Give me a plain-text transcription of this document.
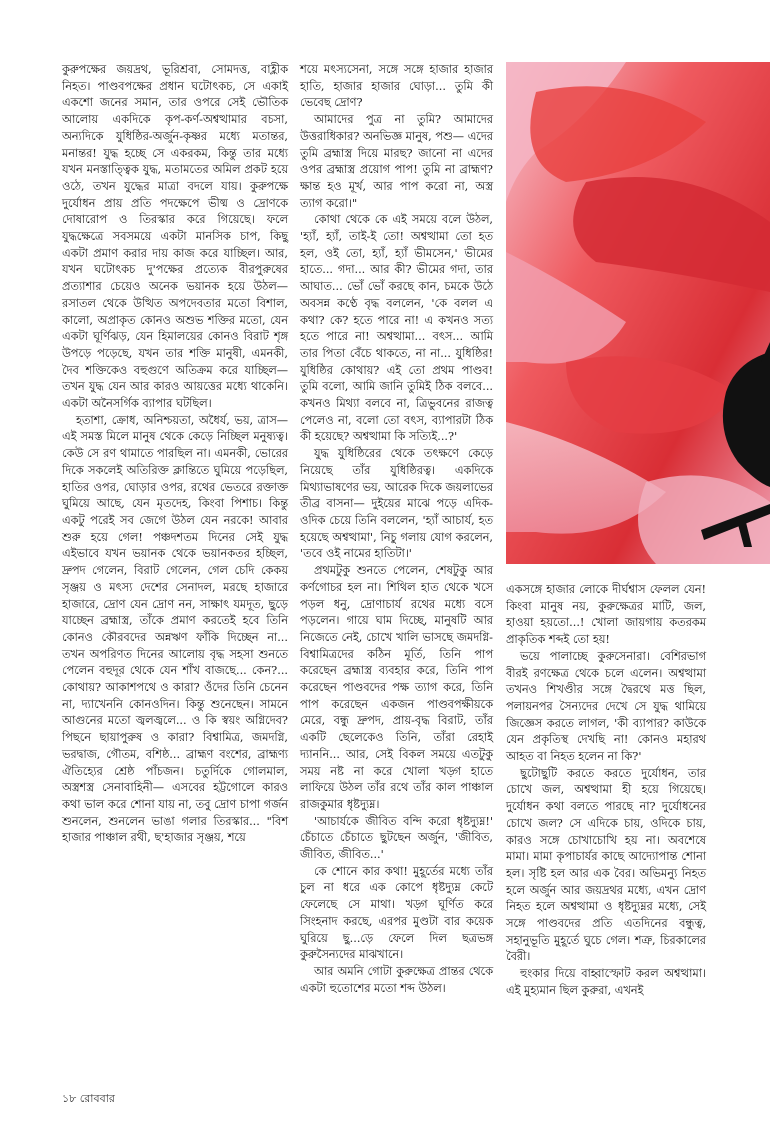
কুরুপক্ষের জয়দ্রথ, ভূরিশ্রবা, সোমদত্ত, বাহ্লীক নিহত। পাণ্ডবপক্ষের প্রধান ঘটোৎকচ, সে একাই একশো জনের সমান, তার ওপরে সেই ভৌতিক আলোয় একদিকে কৃপ-কর্ণ-অশ্বত্থামার বচসা, অন্যদিকে যুধিষ্ঠির-অর্জুন-কৃষ্ণর মধ্যে মতান্তর, মনান্তর! যুদ্ধ হচ্ছে সে একরকম, কিন্তু তার মধ্যে যখন মনস্তাত্ত্বিক যুদ্ধ, মতামতের অমিল প্রকট হয়ে ওঠে, তখন যুদ্ধের মাত্রা বদলে যায়। কুরুপক্ষে দুর্যোধন প্রায় প্রতি পদক্ষেপে ভীষ্ম ও দ্রোণকে দোষারোপ ও তিরস্কার করে গিয়েছে। ফলে যুদ্ধক্ষেত্রে সবসময়ে একটা মানসিক চাপ, কিছু একটা প্রমাণ করার দায় কাজ করে যাচ্ছিল। আর, যখন ঘটোৎকচ দু'পক্ষের প্রত্যেক বীরপুরুষের প্রত্যাশার চেয়েও অনেক ভয়ানক হয়ে উঠল— রসাতল থেকে উত্থিত অপদেবতার মতো বিশাল, কালো, অপ্রাকৃত কোনও অশুভ শক্তির মতো, যেন একটা ঘূর্ণিঝড়, যেন হিমালয়ের কোনও বিরাট শৃঙ্গ উপড়ে পড়েছে, যখন তার শক্তি মানুষী, এমনকী, দৈব শক্তিকেও বহুগুণে অতিক্রম করে যাচ্ছিল— তখন যুদ্ধ যেন আর কারও আয়ত্তের মধ্যে থাকেনি। একটা অনৈসর্গিক ব্যাপার ঘটছিল।

হতাশা, ক্রোধ, অনিশ্চয়তা, অধৈর্য, ভয়, ত্রাস— এই সমস্ত মিলে মানুষ থেকে কেড়ে নিচ্ছিল মনুষ্যত্ব। কেউ সে রণ থামাতে পারছিল না। এমনকী, ভোরের দিকে সকলেই অতিরিক্ত ক্লান্তিতে ঘুমিয়ে পড়েছিল, হাতির ওপর, ঘোড়ার ওপর, রথের ভেতরে রক্তাক্ত ঘুমিয়ে আছে, যেন মৃতদেহ, কিংবা পিশাচ। কিন্তু একটু পরেই সব জেগে উঠল যেন নরকে! আবার শুরু হয়ে গেল! পঞ্চদশতম দিনের সেই যুদ্ধ এইভাবে যখন ভয়ানক থেকে ভয়ানকতর হচ্ছিল, দ্রুপদ গেলেন, বিরাট গেলেন, গেল চেদি কেকয় সৃঞ্জয় ও মৎস্য দেশের সেনাদল, মরছে হাজারে হাজারে, দ্রোণ যেন দ্রোণ নন, সাক্ষাৎ যমদূত, ছুড়ে যাচ্ছেন ব্রহ্মাস্ত্র, তাঁকে প্রমাণ করতেই হবে তিনি কোনও কৌরবদের অন্নঋণ ফাঁকি দিচ্ছেন না... তখন অপরিণত দিনের আলোয় বৃদ্ধ সহসা শুনতে পেলেন বহুদূর থেকে যেন শাঁখ বাজছে... কেন?... কোথায়? আকাশপথে ও কারা? ওঁদের তিনি চেনেন না, দ্যাখেননি কোনওদিন। কিন্তু শুনেছেন। সামনে আগুনের মতো জ্বলজ্বলে... ও কি স্বয়ং অগ্নিদেব? পিছনে ছায়াপুরুষ ও কারা? বিশ্বামিত্র, জমদগ্নি, ভরদ্বাজ, গৌতম, বশিষ্ঠ... ব্রাহ্মণ বংশের, ব্রাহ্মণ্য ঐতিহ্যের শ্রেষ্ঠ পাঁচজন। চতুর্দিকে গোলমাল, অস্ত্রশস্ত্র সেনাবাহিনী— এসবের হট্টগোলে কারও কথা ভাল করে শোনা যায় না, তবু দ্রোণ চাপা গর্জন শুনলেন, শুনলেন ভাঙা গলার তিরস্কার... "বিশ হাজার পাঞ্চাল রথী, ছ'হাজার সৃঞ্জয়, শয়ে

শয়ে মৎস্যসেনা, সঙ্গে সঙ্গে হাজার হাজার হাতি, হাজার হাজার ঘোড়া... তুমি কী ভেবেছ দ্রোণ?

আমাদের পুত্র না তুমি? আমাদের উত্তরাধিকার? অনভিজ্ঞ মানুষ, পশু— এদের তুমি ব্রহ্মাস্ত্র দিয়ে মারছ? জানো না এদের ওপর ব্রহ্মাস্ত্র প্রয়োগ পাপ! তুমি না ব্রাহ্মণ? ক্ষান্ত হও মূর্খ, আর পাপ করো না, অস্ত্র ত্যাগ করো।"

কোথা থেকে কে এই সময়ে বলে উঠল, 'হ্যাঁ, হ্যাঁ, তাই-ই তো! অশ্বত্থামা তো হত হল, ওই তো, হ্যাঁ, হ্যাঁ ভীমসেন,' ভীমের হাতে... গদা... আর কী? ভীমের গদা, তার আঘাত... ভোঁ ভোঁ করছে কান, চমকে উঠে অবসন্ন কণ্ঠে বৃদ্ধ বললেন, 'কে বলল এ কথা? কে? হতে পারে না! এ কখনও সত্য হতে পারে না! অশ্বত্থামা... বৎস... আমি তার পিতা বেঁচে থাকতে, না না... যুধিষ্ঠির! যুধিষ্ঠির কোথায়? এই তো প্রথম পাণ্ডব! তুমি বলো, আমি জানি তুমিই ঠিক বলবে... কখনও মিথ্যা বলবে না, ত্রিভুবনের রাজত্ব পেলেও না, বলো তো বৎস, ব্যাপারটা ঠিক কী হয়েছে? অশ্বত্থামা কি সত্যিই...?'

যুদ্ধ যুধিষ্ঠিরের থেকে তৎক্ষণে কেড়ে নিয়েছে তাঁর যুধিষ্ঠিরত্ব। একদিকে মিথ্যাভাষণের ভয়, আরেক দিকে জয়লাভের তীব্র বাসনা— দুইয়ের মাঝে পড়ে এদিক-ওদিক চেয়ে তিনি বললেন, 'হ্যাঁ আচার্য, হত হয়েছে অশ্বত্থামা', নিচু গলায় যোগ করলেন, 'তবে ওই নামের হাতিটা।'

প্রথমটুকু শুনতে পেলেন, শেষটুকু আর কর্ণগোচর হল না। শিথিল হাত থেকে খসে পড়ল ধনু, দ্রোণাচার্য রথের মধ্যে বসে পড়লেন। গায়ে ঘাম দিচ্ছে, মানুষটি আর নিজেতে নেই, চোখে খালি ভাসছে জমদগ্নি-বিশ্বামিত্রদের কঠিন মূর্তি, তিনি পাপ করেছেন ব্রহ্মাস্ত্র ব্যবহার করে, তিনি পাপ করেছেন পাণ্ডবদের পক্ষ ত্যাগ করে, তিনি পাপ করেছেন একজন পাণ্ডবপক্ষীয়কে মেরে, বন্ধু দ্রুপদ, প্রায়-বৃদ্ধ বিরাট, তাঁর একটি ছেলেকেও তিনি, তাঁরা রেহাই দ্যাননি... আর, সেই বিকল সময়ে এতটুকু সময় নষ্ট না করে খোলা খড়্গ হাতে লাফিয়ে উঠল তাঁর রথে তাঁর কাল পাঞ্চাল রাজকুমার ধৃষ্টদ্যুম্ন।

'আচার্যকে জীবিত বন্দি করো ধৃষ্টদ্যুম্ন!' চেঁচাতে চেঁচাতে ছুটছেন অর্জুন, 'জীবিত, জীবিত, জীবিত...'

কে শোনে কার কথা! মুহূর্তের মধ্যে তাঁর চুল না ধরে এক কোপে ধৃষ্টদ্যুম্ন কেটে ফেলেছে সে মাথা। খড়্গ ঘূর্ণিত করে সিংহনাদ করছে, এরপর মুণ্ডটা বার কয়েক ঘুরিয়ে ছু...ড়ে ফেলে দিল ছত্রভঙ্গ কুরুসৈন্যদের মাঝখানে।

আর অমনি গোটা কুরুক্ষেত্র প্রান্তর থেকে একটা হুতোশের মতো শব্দ উঠল।

একসঙ্গে হাজার লোকে দীর্ঘশ্বাস ফেলল যেন! কিংবা মানুষ নয়, কুরুক্ষেত্রর মাটি, জল, হাওয়া হয়তো...! খোলা জায়গায় কতরকম প্রাকৃতিক শব্দই তো হয়!

ভয়ে পালাচ্ছে কুরুসেনারা। বেশিরভাগ বীরই রণক্ষেত্র থেকে চলে এলেন। অশ্বত্থামা তখনও শিখণ্ডীর সঙ্গে দ্বৈরথে মত্ত ছিল, পলায়নপর সৈন্যদের দেখে সে যুদ্ধ থামিয়ে জিজ্ঞেস করতে লাগল, 'কী ব্যাপার? কাউকে যেন প্রকৃতিস্থ দেখছি না! কোনও মহারথ আহত বা নিহত হলেন না কি?'

ছুটোছুটি করতে করতে দুর্যোধন, তার চোখে জল, অশ্বত্থামা হী হয়ে গিয়েছে। দুর্যোধন কথা বলতে পারছে না? দুর্যোধনের চোখে জল? সে এদিকে চায়, ওদিকে চায়, কারও সঙ্গে চোখাচোখি হয় না। অবশেষে মামা। মামা কৃপাচার্যর কাছে আদ্যোপান্ত শোনা হল। সৃষ্টি হল আর এক বৈর। অভিমন্যু নিহত হলে অর্জুন আর জয়দ্রথর মধ্যে, এখন দ্রোণ নিহত হলে অশ্বত্থামা ও ধৃষ্টদ্যুম্নর মধ্যে, সেই সঙ্গে পাণ্ডবদের প্রতি এতদিনের বন্ধুত্ব, সহানুভূতি মুহূর্তে ঘুচে গেল। শত্রু, চিরকালের বৈরী।

হুংকার দিয়ে বাহ্বাস্ফোট করল অশ্বত্থামা। এই মুহ্যমান ছিল কুরুরা, এখনই

১৮ রোববার
